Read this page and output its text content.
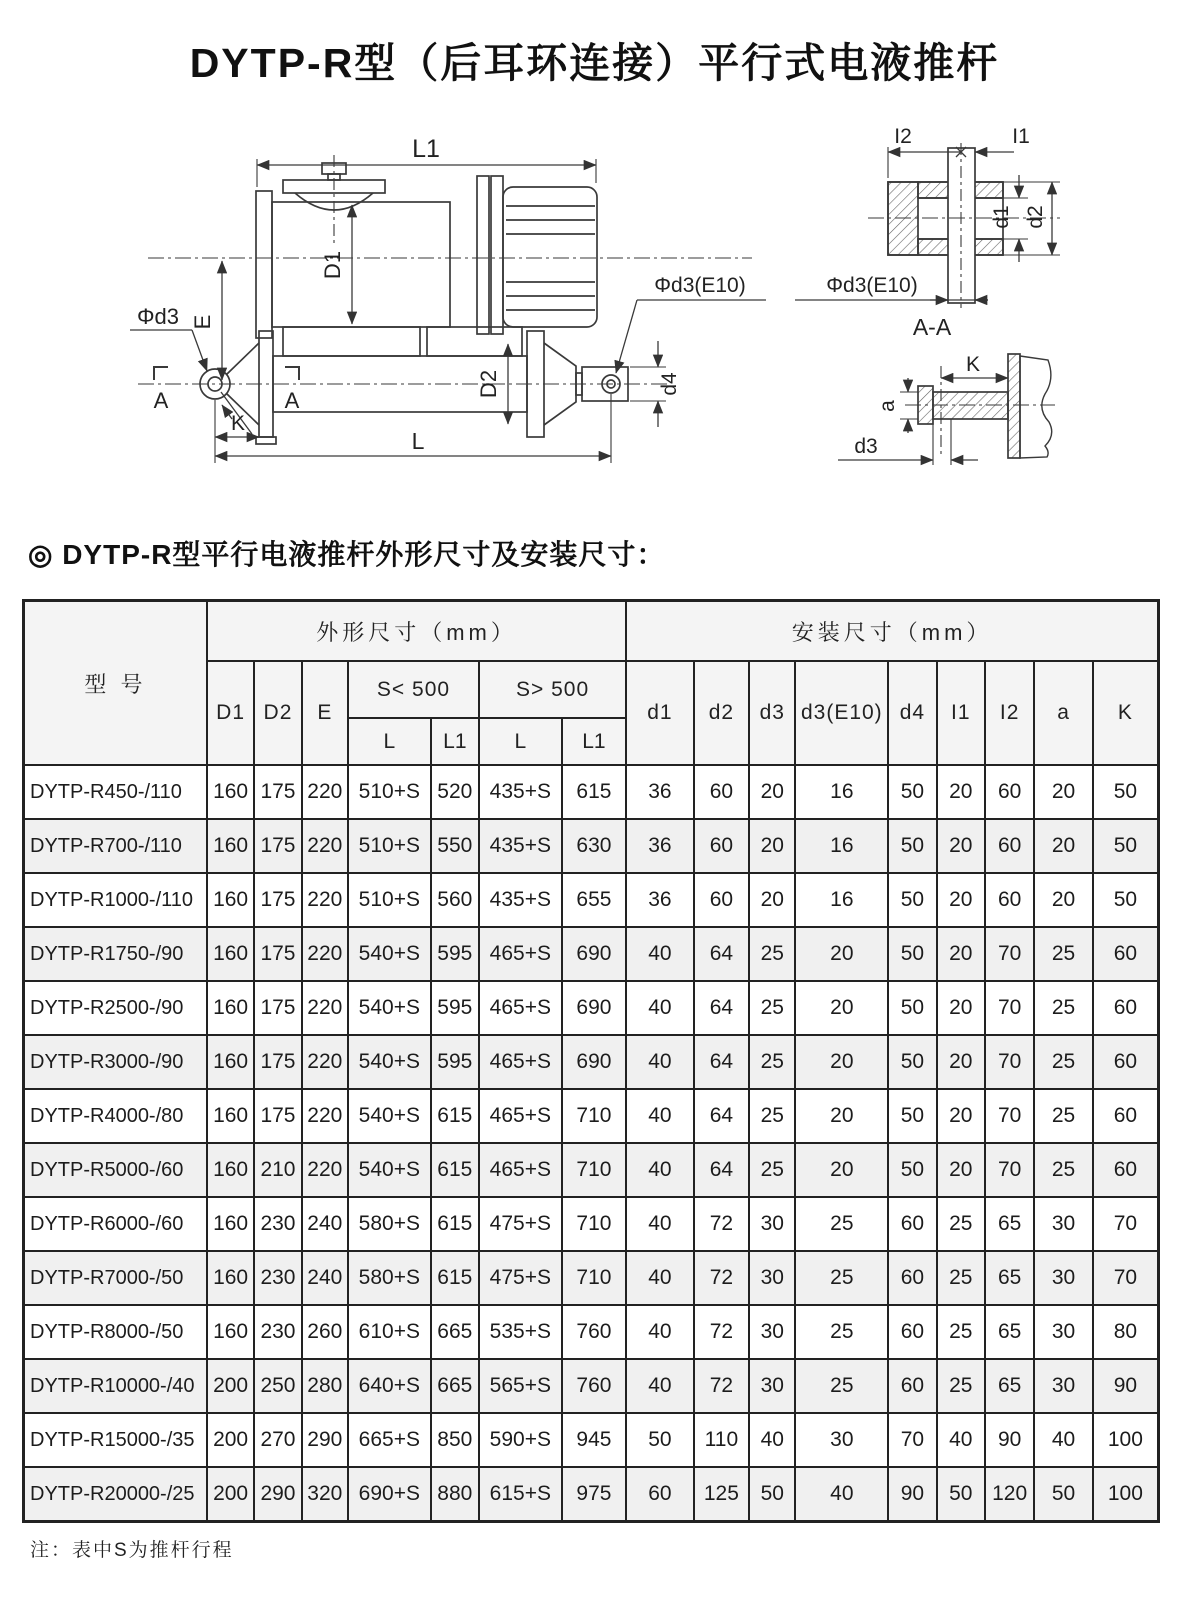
DYTP-R型（后耳环连接）平行式电液推杆
L1
D1
E
Φd3
A	A
K
L
D2
Φd3(E10)
d4
I2	I1
d1 d2
Φd3(E10)
A-A
K
a
d3
◎ DYTP-R型平行电液推杆外形尺寸及安装尺寸：
型 号	外形尺寸（mm）							安装尺寸（mm）								
	D1	D2	E	S< 500		S> 500		d1	d2	d3	d3(E10)	d4	I1	I2	a	K
				L	L1	L	L1									
DYTP-R450-/110	160	175	220	510+S	520	435+S	615	36	60	20	16	50	20	60	20	50
DYTP-R700-/110	160	175	220	510+S	550	435+S	630	36	60	20	16	50	20	60	20	50
DYTP-R1000-/110	160	175	220	510+S	560	435+S	655	36	60	20	16	50	20	60	20	50
DYTP-R1750-/90	160	175	220	540+S	595	465+S	690	40	64	25	20	50	20	70	25	60
DYTP-R2500-/90	160	175	220	540+S	595	465+S	690	40	64	25	20	50	20	70	25	60
DYTP-R3000-/90	160	175	220	540+S	595	465+S	690	40	64	25	20	50	20	70	25	60
DYTP-R4000-/80	160	175	220	540+S	615	465+S	710	40	64	25	20	50	20	70	25	60
DYTP-R5000-/60	160	210	220	540+S	615	465+S	710	40	64	25	20	50	20	70	25	60
DYTP-R6000-/60	160	230	240	580+S	615	475+S	710	40	72	30	25	60	25	65	30	70
DYTP-R7000-/50	160	230	240	580+S	615	475+S	710	40	72	30	25	60	25	65	30	70
DYTP-R8000-/50	160	230	260	610+S	665	535+S	760	40	72	30	25	60	25	65	30	80
DYTP-R10000-/40	200	250	280	640+S	665	565+S	760	40	72	30	25	60	25	65	30	90
DYTP-R15000-/35	200	270	290	665+S	850	590+S	945	50	110	40	30	70	40	90	40	100
DYTP-R20000-/25	200	290	320	690+S	880	615+S	975	60	125	50	40	90	50	120	50	100

注：表中S为推杆行程
